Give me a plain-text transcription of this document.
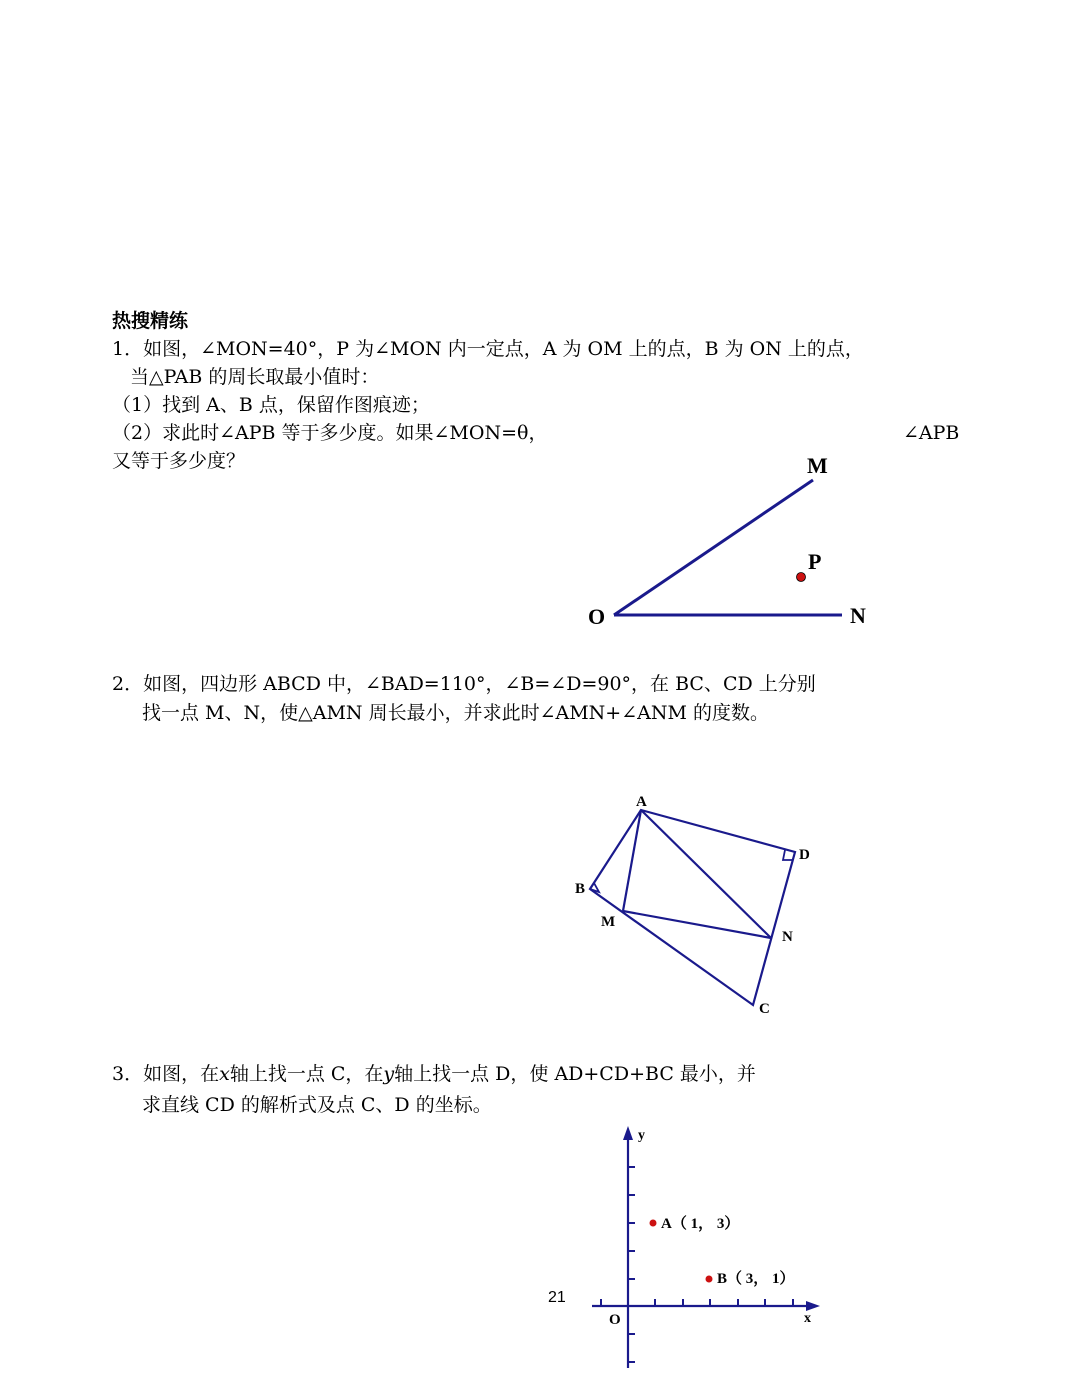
热搜精练
1．如图，∠MON=40°，P 为∠MON 内一定点，A 为 OM 上的点，B 为 ON 上的点，
当△PAB 的周长取最小值时：
（1）找到 A、B 点，保留作图痕迹；
（2）求此时∠APB 等于多少度。如果∠MON=θ，	∠APB
又等于多少度？
2．如图，四边形 ABCD 中，∠BAD=110°，∠B=∠D=90°，在 BC、CD 上分别
找一点 M、N，使△AMN 周长最小，并求此时∠AMN+∠ANM 的度数。
3．如图，在x轴上找一点 C，在y轴上找一点 D，使 AD+CD+BC 最小，并
求直线 CD 的解析式及点 C、D 的坐标。
21
M
P
O	N
A
B
C
D
M
N
A（ 1， 3）
B（ 3， 1）
y
x
O
